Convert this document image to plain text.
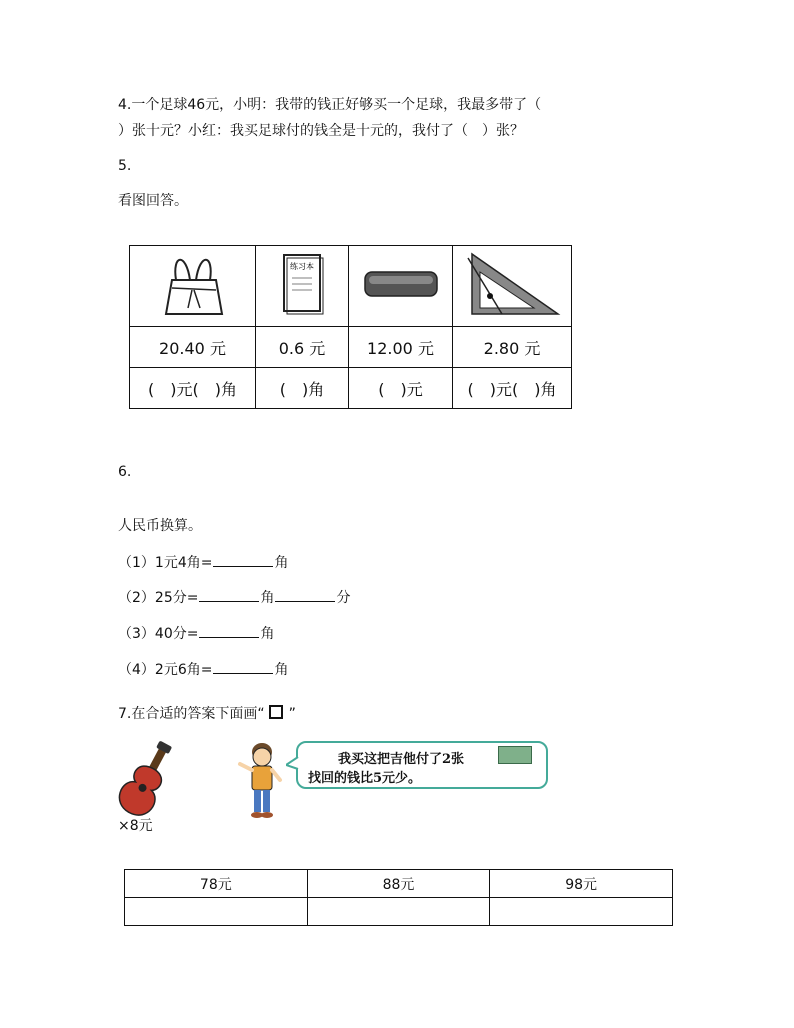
4.一个足球46元，小明：我带的钱正好够买一个足球，我最多带了（
）张十元？小红：我买足球付的钱全是十元的，我付了（　）张？
5.
看图回答。

练习本

20.40 元	0.6 元	12.00 元	2.80 元
(　)元(　)角	(　)角	(　)元	(　)元(　)角
6.
人民币换算。
（1）1元4角=	角
（2）25分=	角	分
（3）40分=	角
（4）2元6角=	角
7.在合适的答案下面画“ ”
×8元
我买这把吉他付了2张
找回的钱比5元少。
78元	88元	98元
